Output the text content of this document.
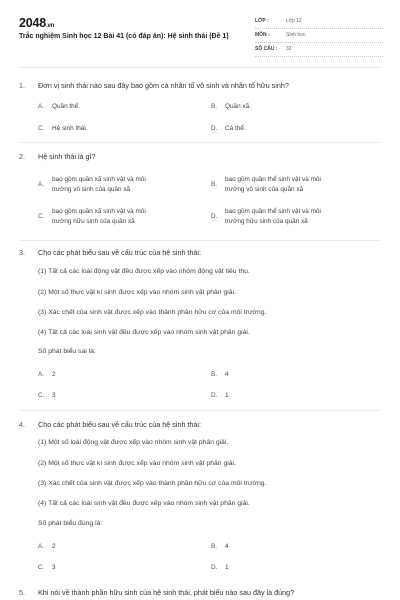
2048.vn
Trắc nghiệm Sinh học 12 Bài 41 (có đáp án): Hệ sinh thái (Đề 1)
LỚP :	Lớp 12
MÔN :	Sinh học
SỐ CÂU : 32
1. Đơn vị sinh thái nào sau đây bao gồm cả nhân tố vô sinh và nhân tố hữu sinh?
A. Quần thể.	B. Quần xã.
C. Hệ sinh thái.	D. Cá thể.
2. Hệ sinh thái là gì?
A.
bao gồm quần xã sinh vật và môi
trường vô sinh của quần xã
B.
bao gồm quần thể sinh vật và môi
trường vô sinh của quần xã
C.
bao gồm quần xã sinh vật và môi
trường hữu sinh của quần xã
D.
bao gồm quần thể sinh vật và môi
trường hữu sinh của quần xã
3. Cho các phát biểu sau về cấu trúc của hệ sinh thái:
(1) Tất cả các loài động vật đều được xếp vào nhóm động vật tiêu thụ.
(2) Một số thực vật kí sinh được xếp vào nhóm sinh vật phân giải.
(3) Xác chết của sinh vật được xếp vào thành phần hữu cơ của môi trường.
(4) Tất cả các loài sinh vật đều được xếp vào nhóm sinh vật phân giải.
Số phát biểu sai là:
A. 2	B. 4
C. 3	D. 1
4. Cho các phát biểu sau về cấu trúc của hệ sinh thái:
(1) Một số loài động vật được xếp vào nhóm sinh vật phân giải.
(2) Một số thực vật kí sinh được xếp vào nhóm sinh vật phân giải.
(3) Xác chết của sinh vật được xếp vào thành phần hữu cơ của môi trường.
(4) Tất cả các loài sinh vật đều được xếp vào nhóm sinh vật phân giải.
Số phát biểu đúng là:
A. 2	B. 4
C. 3	D. 1
5. Khi nói về thành phần hữu sinh của hệ sinh thái, phát biểu nào sau đây là đúng?
